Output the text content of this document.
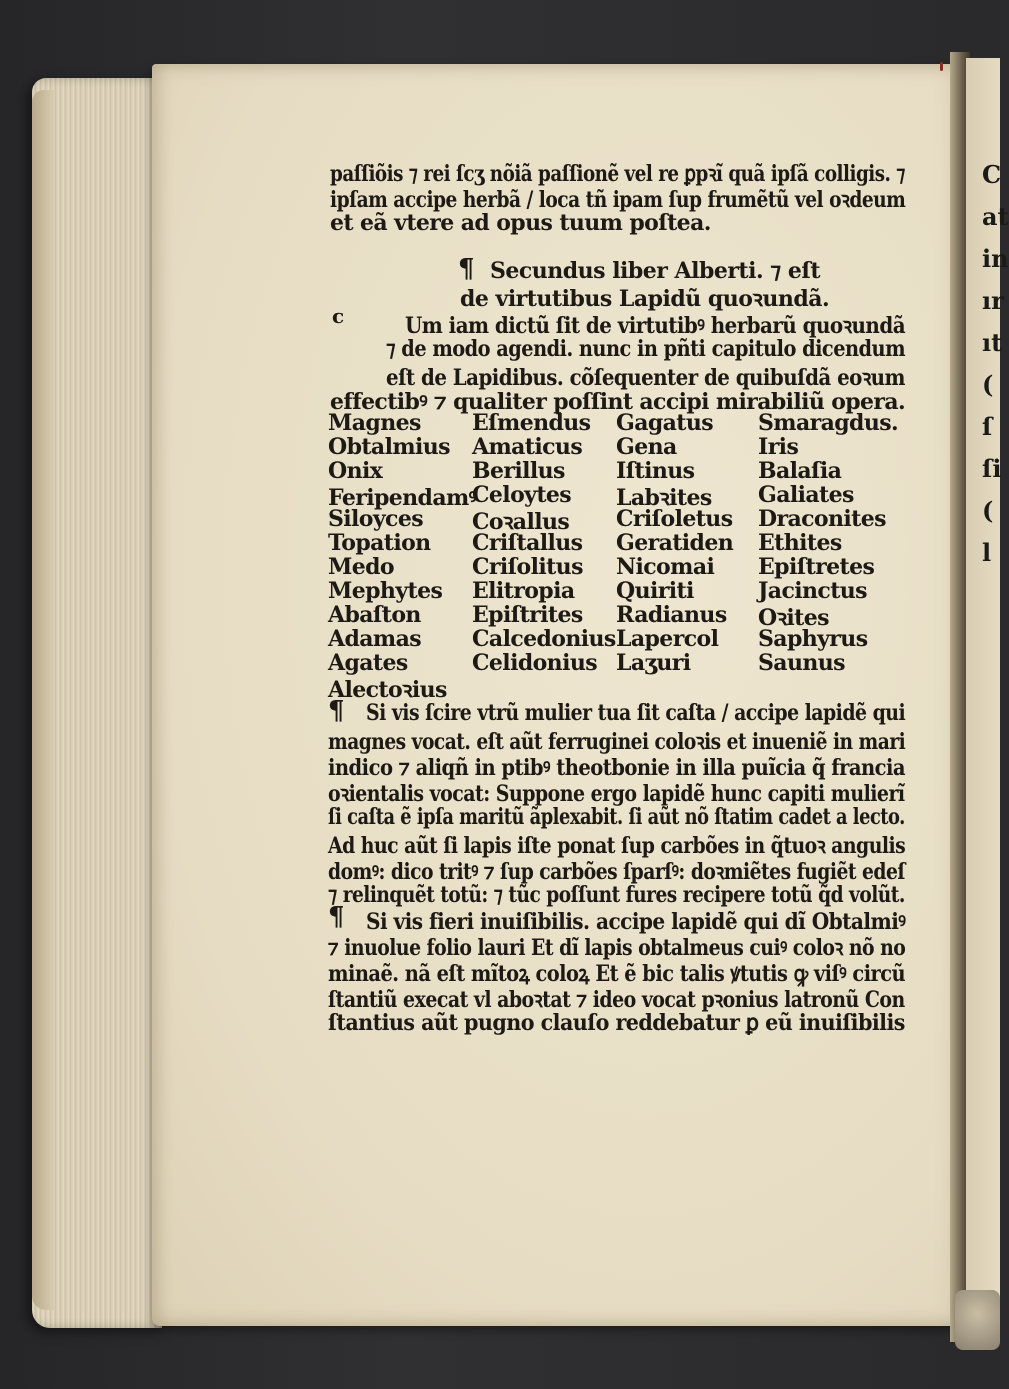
C
at
in
ır
ıt
(
ſ
ſi
(
l
paſſiõis ⁊ rei ſcʒ nõiã paſſionẽ vel re ꝑpꝛĩ quã ipſã colligis. ⁊
ipſam accipe herbã / loca tñ ipam ſup frumẽtũ vel oꝛdeum
et eã vtere ad opus tuum poſtea.
¶ Secundus liber Alberti. ⁊ eſt
de virtutibus Lapidũ quoꝛundã.
c	Um iam dictũ ſit de virtutibꝰ herbarũ quoꝛundã
⁊ de modo agendi. nunc in pñti capitulo dicendum
eſt de Lapidibus. cõſequenter de quibuſdã eoꝛum
effectibꝰ ⁊ qualiter poſſint accipi mirabiliũ opera.
Magnes
Obtalmius
Onix
Feripendamꝰ
Siloyces
Topation
Medo
Mephytes
Abaſton
Adamas
Agates
Alectoꝛius
Eſmendus
Amaticus
Berillus
Celoytes
Coꝛallus
Criſtallus
Criſolitus
Elitropia
Epiſtrites
Calcedonius
Celidonius
Gagatus
Gena
Iſtinus
Labꝛites
Criſoletus
Geratiden
Nicomai
Quiriti
Radianus
Lapercol
Laʒuri
Smaragdus.
Iris
Balaſia
Galiates
Draconites
Ethites
Epiſtretes
Jacinctus
Oꝛites
Saphyrus
Saunus
¶ Si vis ſcire vtrũ mulier tua ſit caſta / accipe lapidẽ qui
magnes vocat. eſt aũt ferruginei coloꝛis et inueniẽ in mari
indico ⁊ aliqñ in ptibꝰ theotbonie in illa puĩcia q̃ francia
oꝛientalis vocat: Suppone ergo lapidẽ hunc capiti mulierĩ
ſi caſta ẽ ipſa maritũ ãplexabit. ſi aũt nõ ſtatim cadet a lecto.
Ad huc aũt ſi lapis iſte ponat ſup carbões in q̃tuoꝛ angulis
domꝰ: dico tritꝰ ⁊ ſup carbões ſparſꝰ: doꝛmiẽtes fugiẽt edeſ
⁊ relinquẽt totũ: ⁊ tũc poſſunt fures recipere totũ q̃d volũt.
¶ Si vis fieri inuiſibilis. accipe lapidẽ qui dĩ Obtalmiꝰ
⁊ inuolue folio lauri Et dĩ lapis obtalmeus cuiꝰ coloꝛ nõ no
minaẽ. nã eſt mĩtoꝝ coloꝝ Et ẽ bic talis ꝟtutis ꝙ viſꝰ circũ
ſtantiũ execat vl aboꝛtat ⁊ ideo vocat pꝛonius latronũ Con
ſtantius aũt pugno clauſo reddebatur ꝑ eũ inuiſibilis
